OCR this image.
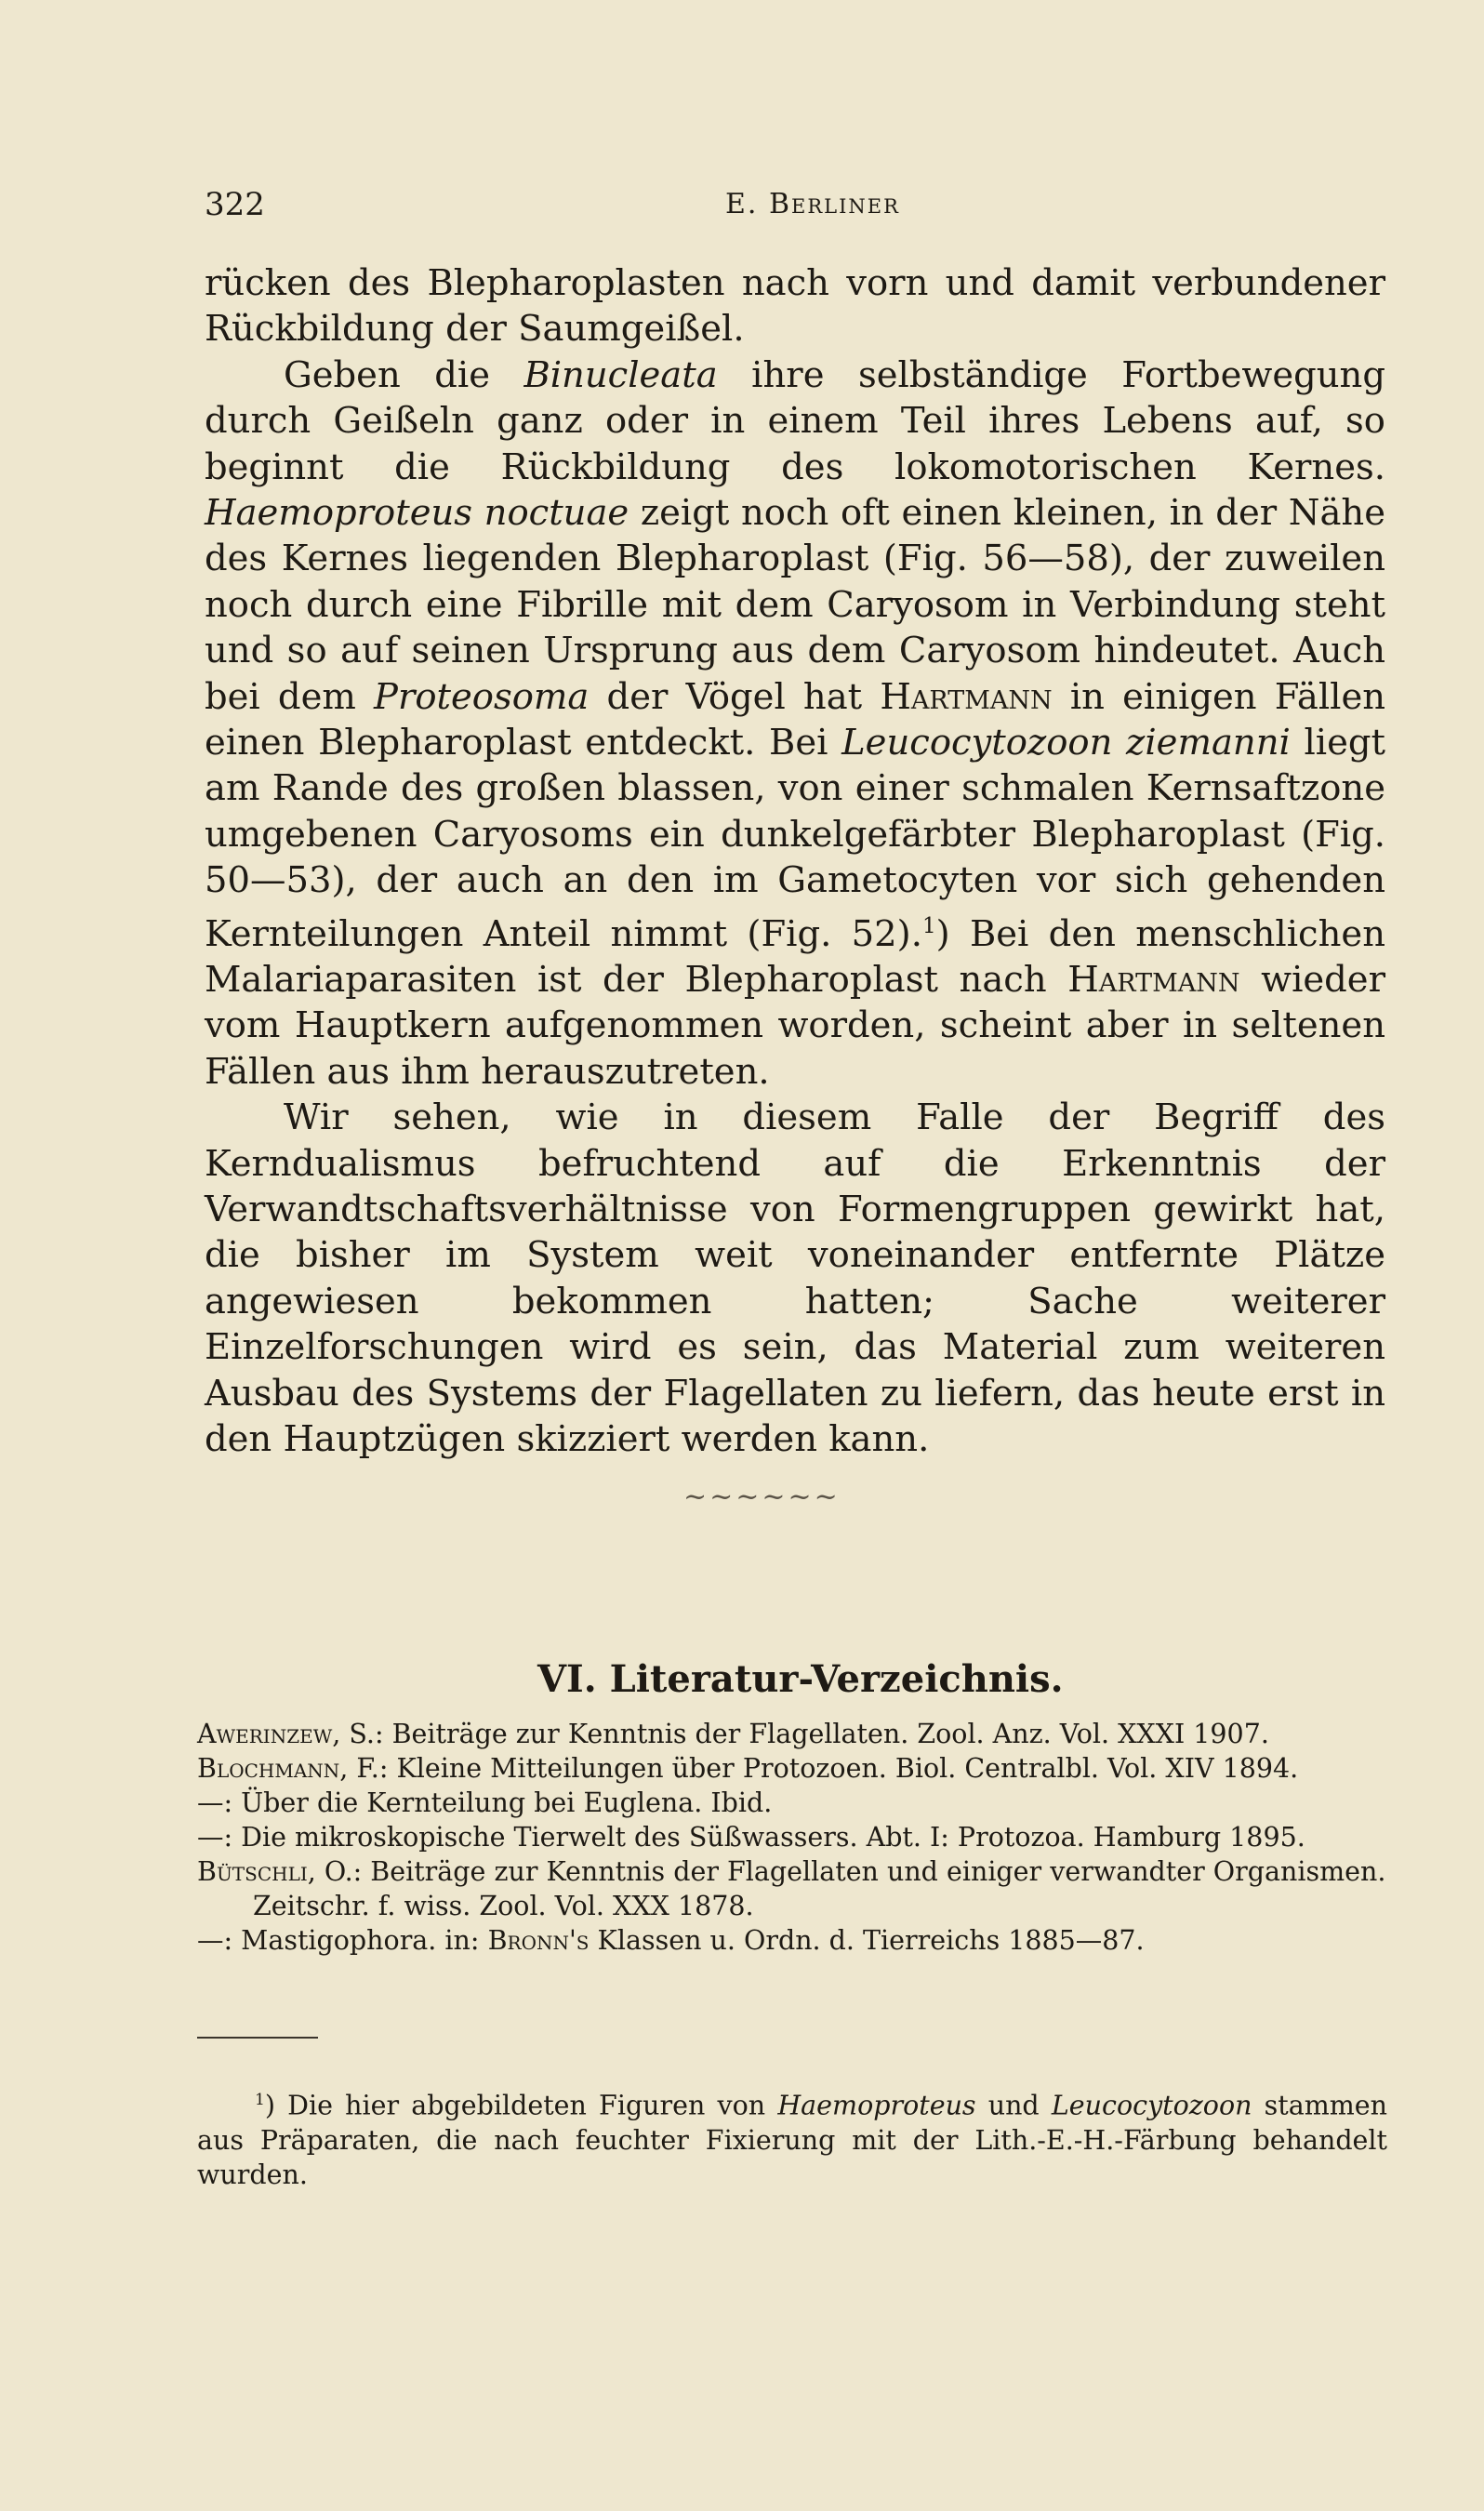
322	E. Berliner

rücken des Blepharoplasten nach vorn und damit verbundener Rückbildung der Saumgeißel.

Geben die Binucleata ihre selbständige Fortbewegung durch Geißeln ganz oder in einem Teil ihres Lebens auf, so beginnt die Rückbildung des lokomotorischen Kernes. Haemoproteus noctuae zeigt noch oft einen kleinen, in der Nähe des Kernes liegenden Blepharoplast (Fig. 56—58), der zuweilen noch durch eine Fibrille mit dem Caryosom in Verbindung steht und so auf seinen Ursprung aus dem Caryosom hindeutet. Auch bei dem Proteosoma der Vögel hat Hartmann in einigen Fällen einen Blepharoplast entdeckt. Bei Leucocytozoon ziemanni liegt am Rande des großen blassen, von einer schmalen Kernsaftzone umgebenen Caryosoms ein dunkelgefärbter Blepharoplast (Fig. 50—53), der auch an den im Gametocyten vor sich gehenden Kernteilungen Anteil nimmt (Fig. 52).$^1$) Bei den menschlichen Malariaparasiten ist der Blepharoplast nach Hartmann wieder vom Hauptkern aufgenommen worden, scheint aber in seltenen Fällen aus ihm herauszutreten.

Wir sehen, wie in diesem Falle der Begriff des Kerndualismus befruchtend auf die Erkenntnis der Verwandtschaftsverhältnisse von Formengruppen gewirkt hat, die bisher im System weit voneinander entfernte Plätze angewiesen bekommen hatten; Sache weiterer Einzelforschungen wird es sein, das Material zum weiteren Ausbau des Systems der Flagellaten zu liefern, das heute erst in den Hauptzügen skizziert werden kann.

~~~~~~
VI. Literatur-Verzeichnis.
Awerinzew, S.: Beiträge zur Kenntnis der Flagellaten. Zool. Anz. Vol. XXXI 1907.
Blochmann, F.: Kleine Mitteilungen über Protozoen. Biol. Centralbl. Vol. XIV 1894.
—: Über die Kernteilung bei Euglena. Ibid.
—: Die mikroskopische Tierwelt des Süßwassers. Abt. I: Protozoa. Hamburg 1895.
Bütschli, O.: Beiträge zur Kenntnis der Flagellaten und einiger verwandter Organismen. Zeitschr. f. wiss. Zool. Vol. XXX 1878.
—: Mastigophora. in: Bronn's Klassen u. Ordn. d. Tierreichs 1885—87.
$^1$) Die hier abgebildeten Figuren von Haemoproteus und Leucocytozoon stammen aus Präparaten, die nach feuchter Fixierung mit der Lith.-E.-H.-Färbung behandelt wurden.
